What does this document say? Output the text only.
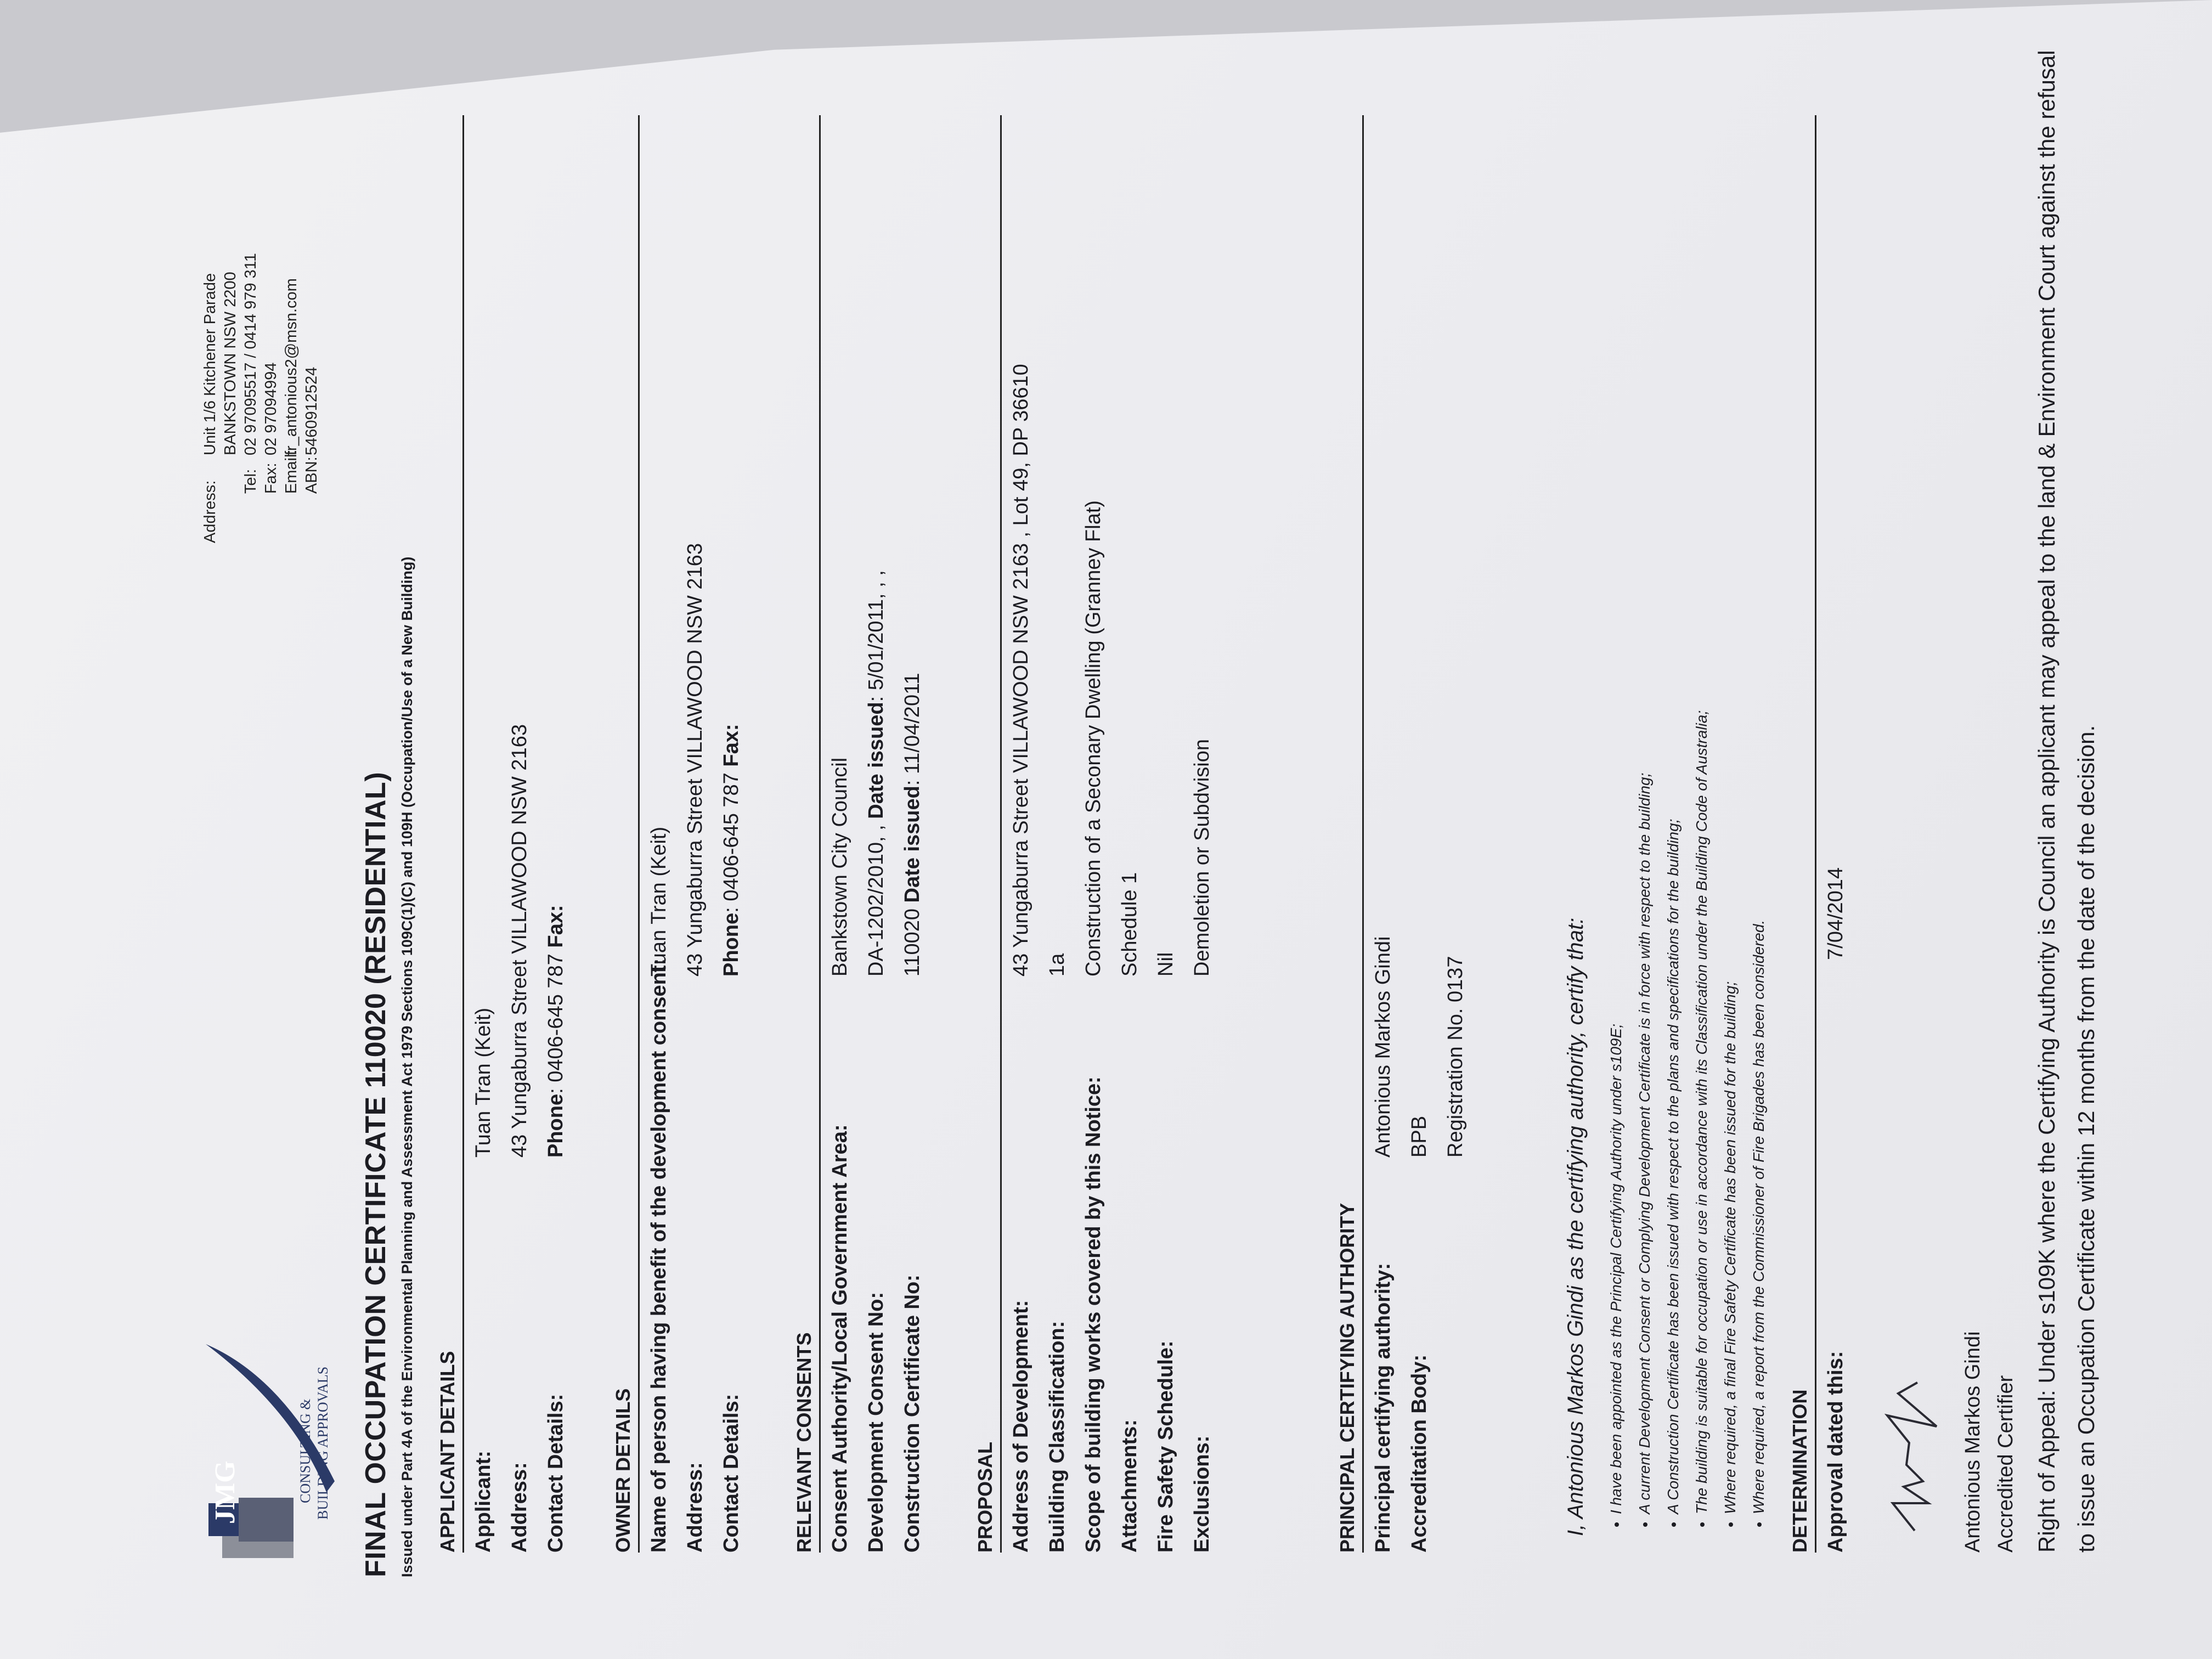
JMG	CONSULTING & BUILDING APPROVALS
Address:
Unit 1/6 Kitchener Parade BANKSTOWN NSW 2200
Tel:
02 97095517 / 0414 979 311
Fax:
02 97094994
Email:
fr_antonious2@msn.com
ABN:
5460912524
FINAL OCCUPATION CERTIFICATE 110020 (RESIDENTIAL) Issued under Part 4A of the Environmental Planning and Assessment Act 1979 Sections 109C(1)(C) and 109H (Occupation/Use of a New Building) APPLICANT DETAILS Applicant:
Tuan Tran (Keit)
Address:
43 Yungaburra Street VILLAWOOD NSW 2163
Contact Details:
Phone: 0406-645 787 Fax:
OWNER DETAILS Name of person having benefit of the development consent:
Tuan Tran (Keit)
Address:
43 Yungaburra Street VILLAWOOD NSW 2163
Contact Details:
Phone: 0406-645 787 Fax:
RELEVANT CONSENTS Consent Authority/Local Government Area:
Bankstown City Council
Development Consent No:
DA-1202/2010, , Date issued: 5/01/2011, , ,
Construction Certificate No:
110020 Date issued: 11/04/2011
PROPOSAL Address of Development:
43 Yungaburra Street VILLAWOOD NSW 2163 , Lot 49, DP 36610
Building Classification:
1a
Scope of building works covered by this Notice:
Construction of a Seconary Dwelling (Granney Flat)
Attachments:
Schedule 1
Fire Safety Schedule:
Nil
Exclusions:
Demoletion or Subdvision
PRINCIPAL CERTIFYING AUTHORITY Principal certifying authority:
Antonious Markos Gindi
Accreditation Body:
BPB Registration No. 0137	I, Antonious Markos Gindi as the certifying authority, certify that:	• I have been appointed as the Principal Certifying Authority under s109E; • A current Development Consent or Complying Development Certificate is in force with respect to the building; • A Construction Certificate has been issued with respect to the plans and specifications for the building; • The building is suitable for occupation or use in accordance with its Classification under the Building Code of Australia; • Where required, a final Fire Safety Certificate has been issued for the building; • Where required, a report from the Commissioner of Fire Brigades has been considered.	DETERMINATION Approval dated this:
7/04/2014
Antonious Markos Gindi Accredited Certifier Right of Appeal: Under s109K where the Certifying Authority is Council an applicant may appeal to the land & Environment Court against the refusal to issue an Occupation Certificate within 12 months from the date of the decision.
